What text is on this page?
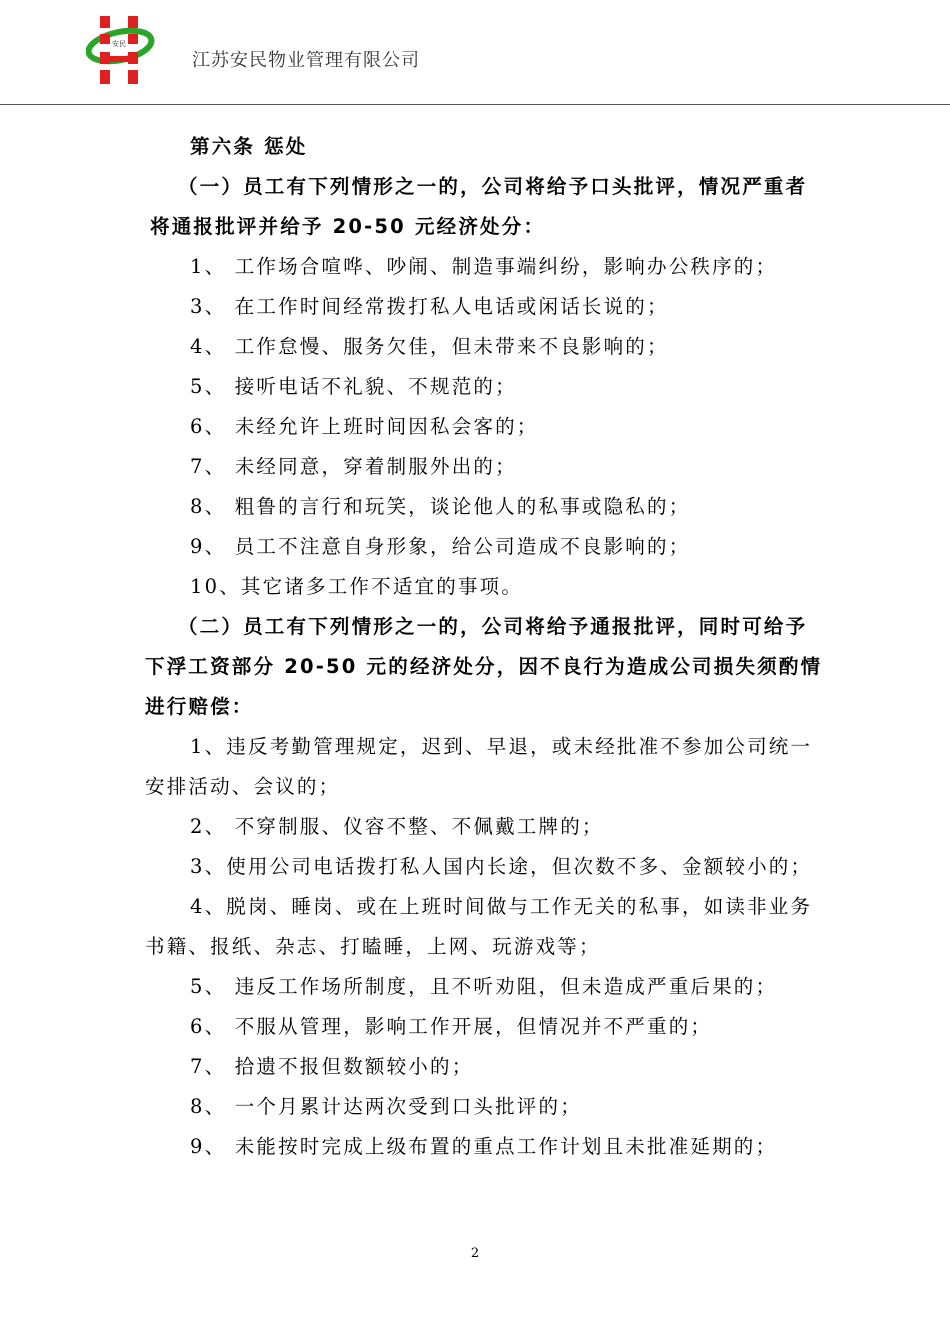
安民
江苏安民物业管理有限公司
第六条 惩处
（一）员工有下列情形之一的，公司将给予口头批评，情况严重者
将通报批评并给予 20-50 元经济处分：
1、 工作场合喧哗、吵闹、制造事端纠纷，影响办公秩序的；
3、 在工作时间经常拨打私人电话或闲话长说的；
4、 工作怠慢、服务欠佳，但未带来不良影响的；
5、 接听电话不礼貌、不规范的；
6、 未经允许上班时间因私会客的；
7、 未经同意，穿着制服外出的；
8、 粗鲁的言行和玩笑，谈论他人的私事或隐私的；
9、 员工不注意自身形象，给公司造成不良影响的；
10、其它诸多工作不适宜的事项。
（二）员工有下列情形之一的，公司将给予通报批评，同时可给予
下浮工资部分 20-50 元的经济处分，因不良行为造成公司损失须酌情
进行赔偿：
1、违反考勤管理规定，迟到、早退，或未经批准不参加公司统一
安排活动、会议的；
2、 不穿制服、仪容不整、不佩戴工牌的；
3、使用公司电话拨打私人国内长途，但次数不多、金额较小的；
4、脱岗、睡岗、或在上班时间做与工作无关的私事，如读非业务
书籍、报纸、杂志、打瞌睡，上网、玩游戏等；
5、 违反工作场所制度，且不听劝阻，但未造成严重后果的；
6、 不服从管理，影响工作开展，但情况并不严重的；
7、 拾遗不报但数额较小的；
8、 一个月累计达两次受到口头批评的；
9、 未能按时完成上级布置的重点工作计划且未批准延期的；
2
